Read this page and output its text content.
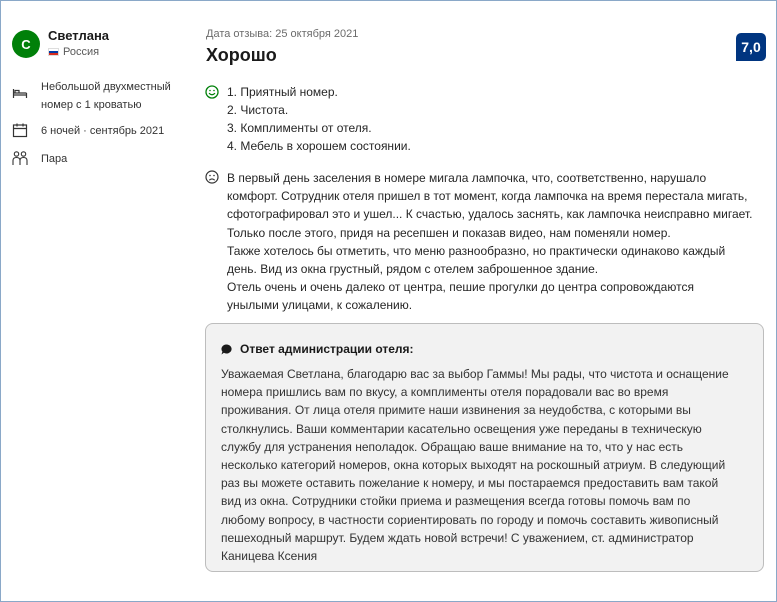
С
Светлана
Россия
Небольшой двухместный
номер с 1 кроватью
6 ночей · сентябрь 2021
Пара
Дата отзыва: 25 октября 2021
Хорошо	7,0
1. Приятный номер.
2. Чистота.
3. Комплименты от отеля.
4. Мебель в хорошем состоянии.
В первый день заселения в номере мигала лампочка, что, соответственно, нарушало
комфорт. Сотрудник отеля пришел в тот момент, когда лампочка на время перестала мигать,
сфотографировал это и ушел... К счастью, удалось заснять, как лампочка неисправно мигает.
Только после этого, придя на ресепшен и показав видео, нам поменяли номер.
Также хотелось бы отметить, что меню разнообразно, но практически одинаково каждый
день. Вид из окна грустный, рядом с отелем заброшенное здание.
Отель очень и очень далеко от центра, пешие прогулки до центра сопровождаются
унылыми улицами, к сожалению.
Ответ администрации отеля:
Уважаемая Светлана, благодарю вас за выбор Гаммы! Мы рады, что чистота и оснащение
номера пришлись вам по вкусу, а комплименты отеля порадовали вас во время
проживания. От лица отеля примите наши извинения за неудобства, с которыми вы
столкнулись. Ваши комментарии касательно освещения уже переданы в техническую
службу для устранения неполадок. Обращаю ваше внимание на то, что у нас есть
несколько категорий номеров, окна которых выходят на роскошный атриум. В следующий
раз вы можете оставить пожелание к номеру, и мы постараемся предоставить вам такой
вид из окна. Сотрудники стойки приема и размещения всегда готовы помочь вам по
любому вопросу, в частности сориентировать по городу и помочь составить живописный
пешеходный маршрут. Будем ждать новой встречи! С уважением, ст. администратор
Каницева Ксения
